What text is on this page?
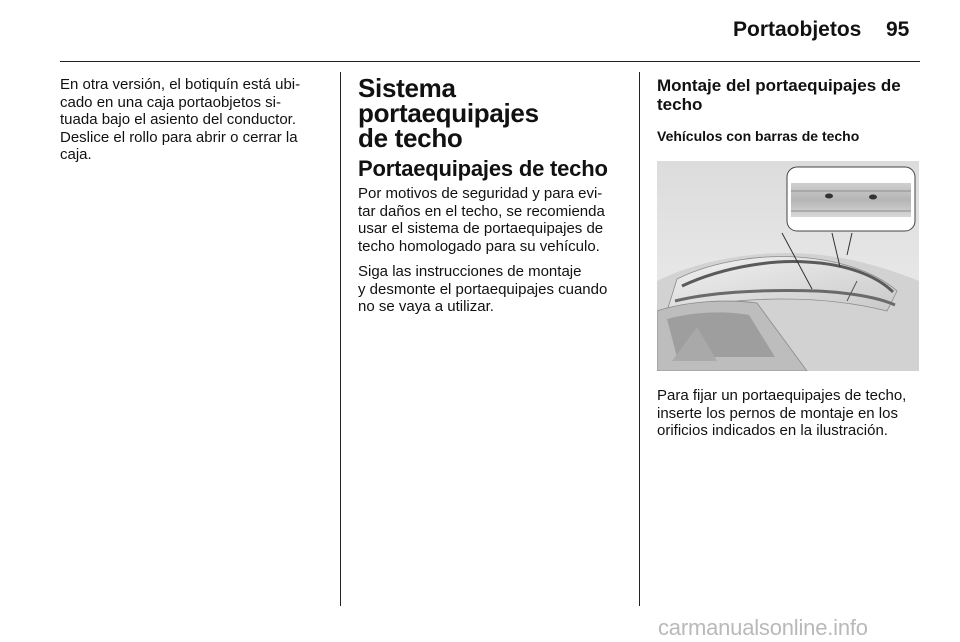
Portaobjetos 95

En otra versión, el botiquín está ubi-
cado en una caja portaobjetos si-
tuada bajo el asiento del conductor.
Deslice el rollo para abrir o cerrar la
caja.

Sistema portaequipajes
de techo
Portaequipajes de techo

Por motivos de seguridad y para evi-
tar daños en el techo, se recomienda
usar el sistema de portaequipajes de
techo homologado para su vehículo.

Siga las instrucciones de montaje
y desmonte el portaequipajes cuando
no se vaya a utilizar.

Montaje del portaequipajes de
techo
Vehículos con barras de techo

Para fijar un portaequipajes de techo,
inserte los pernos de montaje en los
orificios indicados en la ilustración.

carmanualsonline.info
